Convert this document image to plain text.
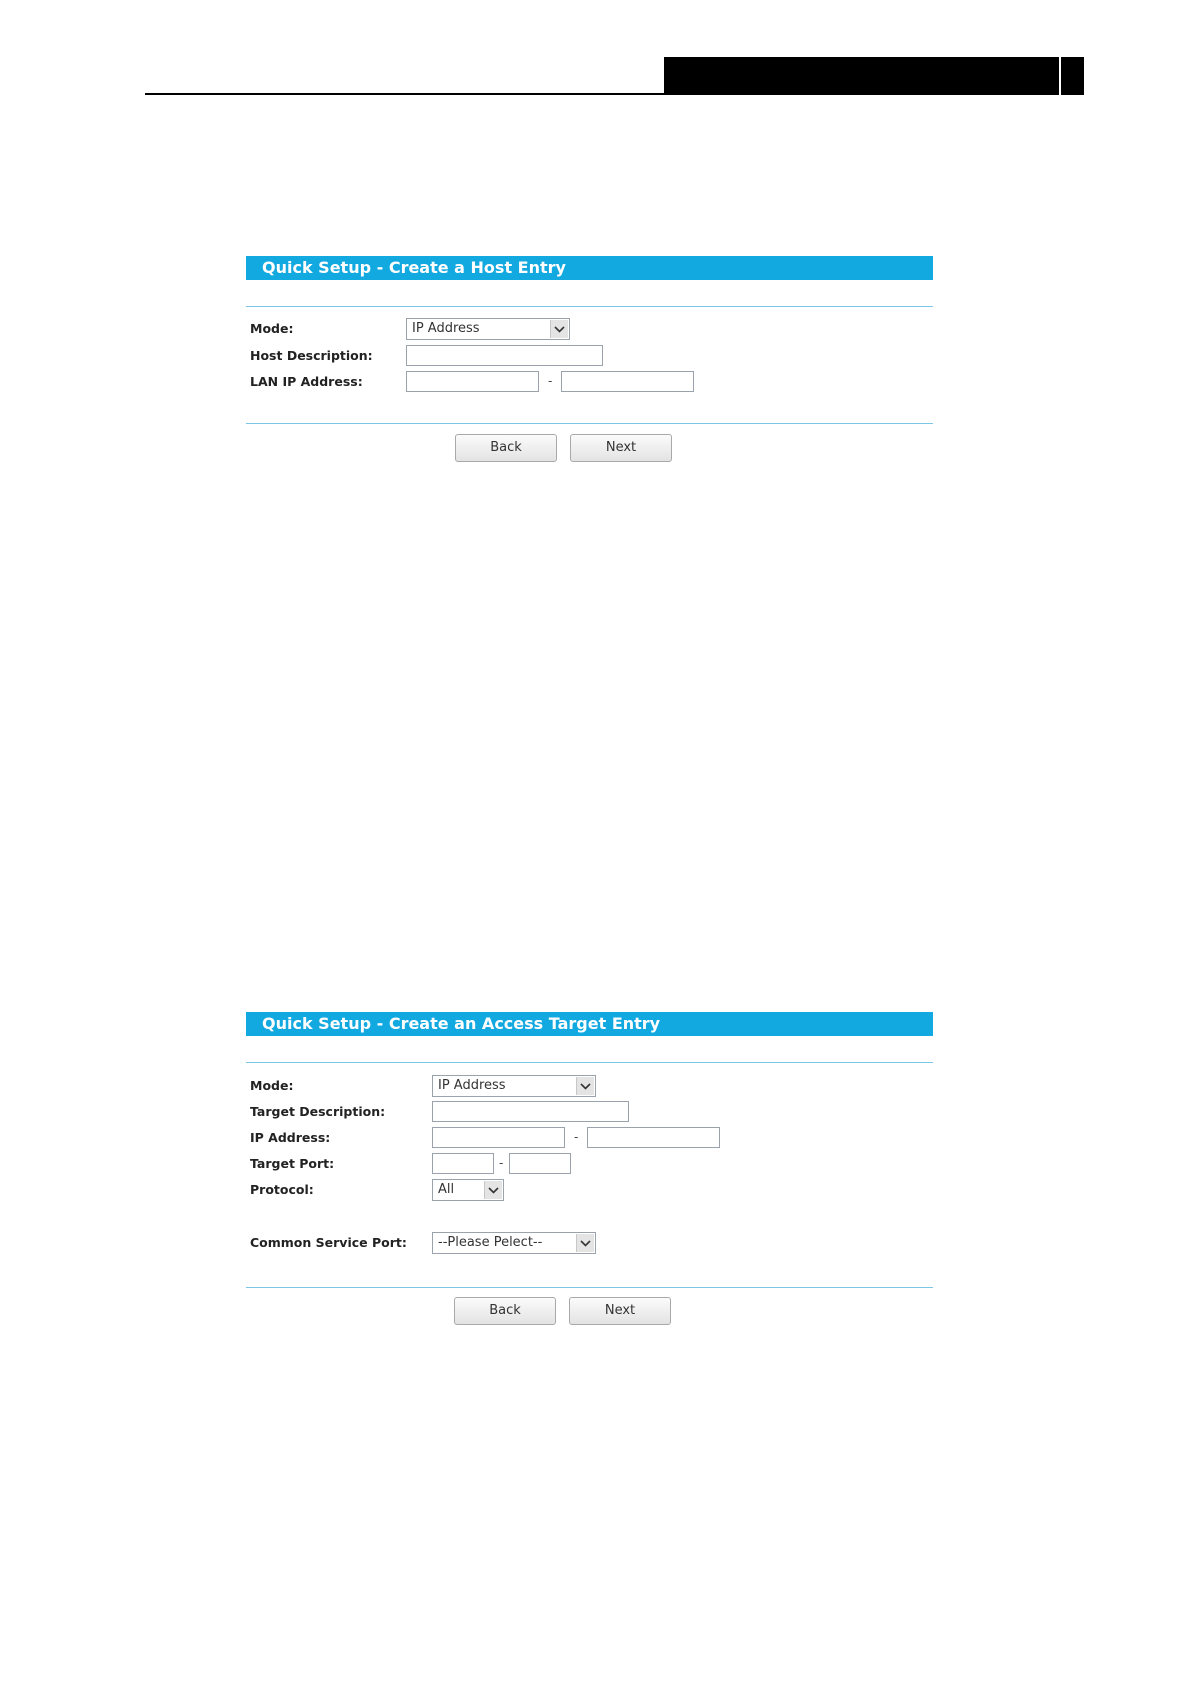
Quick Setup - Create a Host Entry
Mode:	IP Address
Host Description:
LAN IP Address:	-
Back	Next
Quick Setup - Create an Access Target Entry
Mode:	IP Address
Target Description:
IP Address:	-
Target Port:	-
Protocol:	All
Common Service Port:	--Please Pelect--
Back	Next
